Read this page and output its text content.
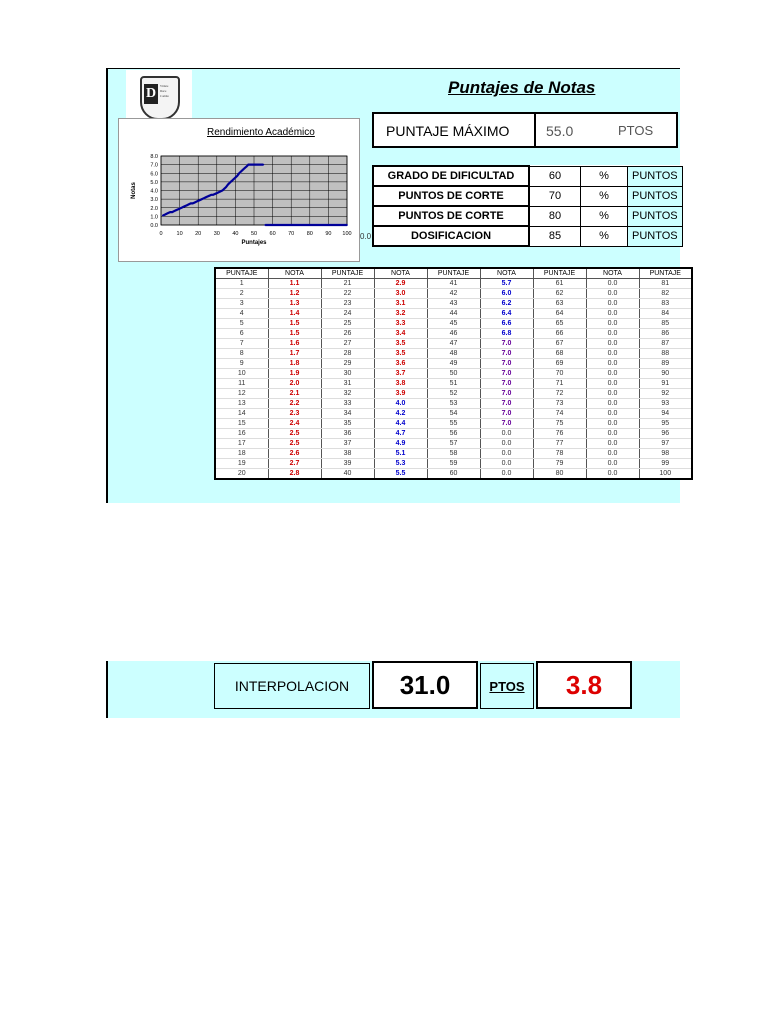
D	Virtute
Duce
Comite	Puntajes de Notas
Rendimiento Académico
0	10 20 30 40 50 60 70 80 90 100
0.0
1.0
2.0
3.0
4.0
5.0
6.0
7.0
8.0
Puntajes
Notas
0.0
PUNTAJE MÁXIMO	55.0	PTOS
GRADO DE DIFICULTAD	60	%	PUNTOS
PUNTOS DE CORTE	70	%	PUNTOS
PUNTOS DE CORTE	80	%	PUNTOS
DOSIFICACION	85	%	PUNTOS
PUNTAJE	NOTA	PUNTAJE	NOTA	PUNTAJE	NOTA	PUNTAJE	NOTA	PUNTAJE
1	1.1	21	2.9	41	5.7	61	0.0	81
2	1.2	22	3.0	42	6.0	62	0.0	82
3	1.3	23	3.1	43	6.2	63	0.0	83
4	1.4	24	3.2	44	6.4	64	0.0	84
5	1.5	25	3.3	45	6.6	65	0.0	85
6	1.5	26	3.4	46	6.8	66	0.0	86
7	1.6	27	3.5	47	7.0	67	0.0	87
8	1.7	28	3.5	48	7.0	68	0.0	88
9	1.8	29	3.6	49	7.0	69	0.0	89
10	1.9	30	3.7	50	7.0	70	0.0	90
11	2.0	31	3.8	51	7.0	71	0.0	91
12	2.1	32	3.9	52	7.0	72	0.0	92
13	2.2	33	4.0	53	7.0	73	0.0	93
14	2.3	34	4.2	54	7.0	74	0.0	94
15	2.4	35	4.4	55	7.0	75	0.0	95
16	2.5	36	4.7	56	0.0	76	0.0	96
17	2.5	37	4.9	57	0.0	77	0.0	97
18	2.6	38	5.1	58	0.0	78	0.0	98
19	2.7	39	5.3	59	0.0	79	0.0	99
20	2.8	40	5.5	60	0.0	80	0.0	100
INTERPOLACION	31.0	PTOS	3.8
